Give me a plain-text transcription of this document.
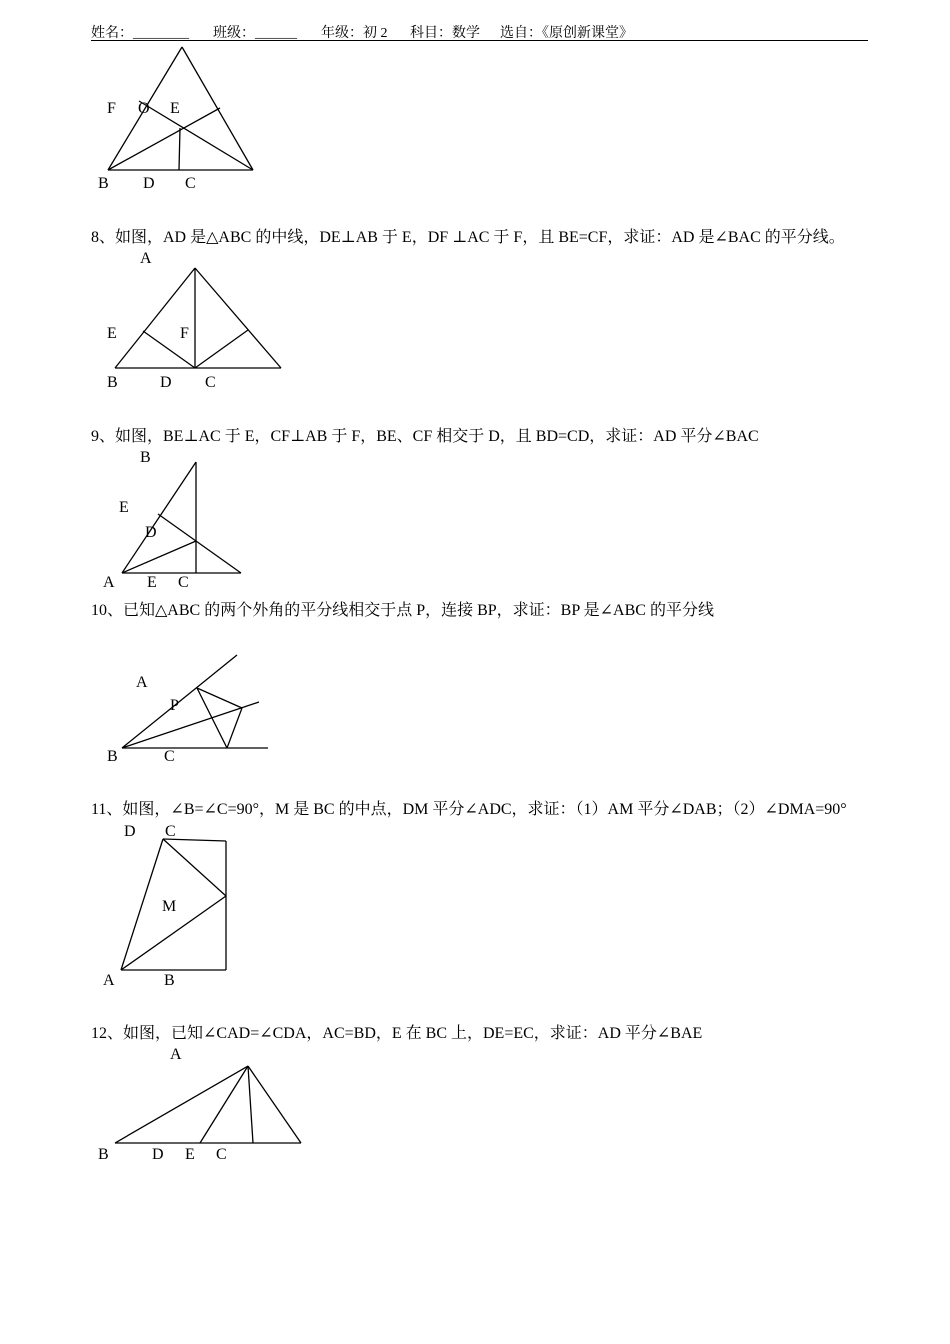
姓名：________ 班级：______ 年级：初 2 科目：数学 选自：《原创新课堂》
F O E
B D C
8、如图，AD 是△ABC 的中线，DE⊥AB 于 E，DF ⊥AC 于 F，且 BE=CF，求证：AD 是∠BAC 的平分线。
A
E	F
B	D C
9、如图，BE⊥AC 于 E，CF⊥AB 于 F，BE、CF 相交于 D，且 BD=CD，求证：AD 平分∠BAC
B
E
D
A E C
10、已知△ABC 的两个外角的平分线相交于点 P，连接 BP，求证：BP 是∠ABC 的平分线
A
P
B	C
11、如图，∠B=∠C=90°，M 是 BC 的中点，DM 平分∠ADC，求证：（1）AM 平分∠DAB；（2）∠DMA=90°
D C
M
A	B
12、如图，已知∠CAD=∠CDA，AC=BD，E 在 BC 上，DE=EC，求证：AD 平分∠BAE
A
B	D E C
